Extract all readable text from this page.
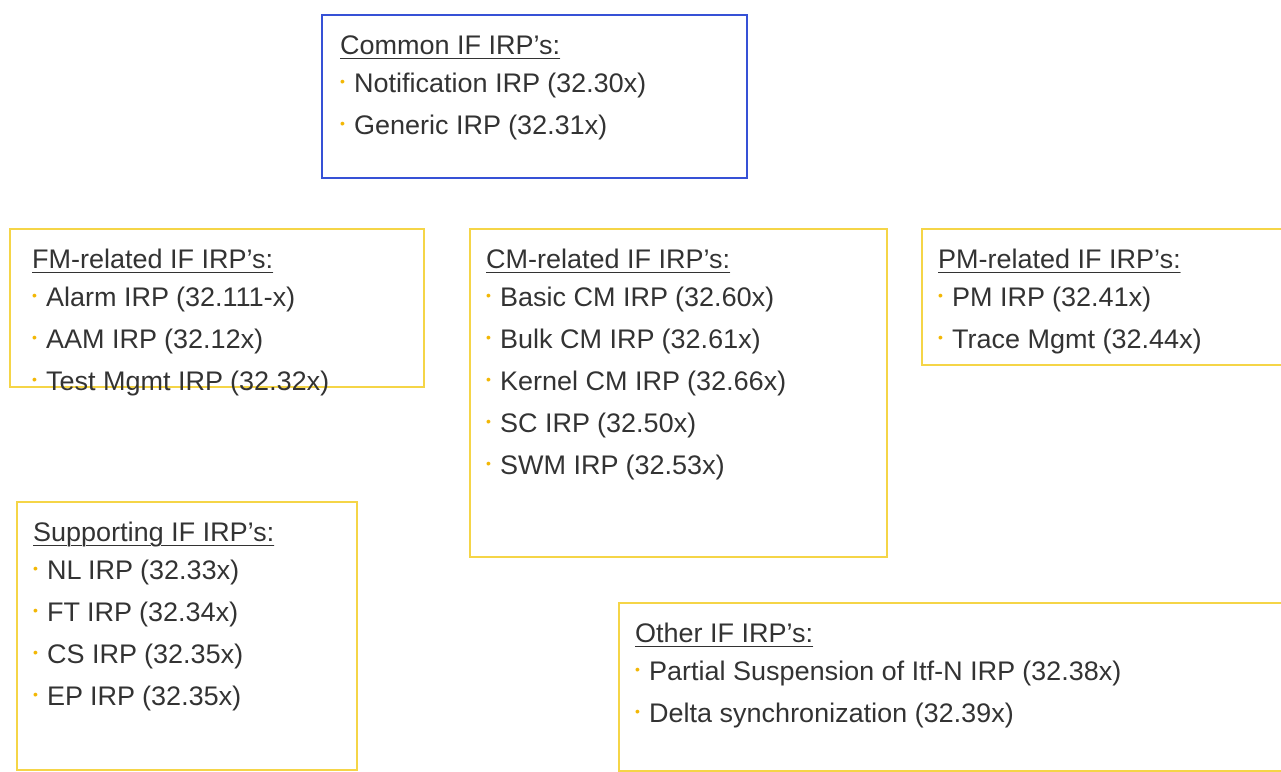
Common IF IRP’s:
• Notification IRP (32.30x)
• Generic IRP (32.31x)
FM-related IF IRP’s:
• Alarm IRP (32.111-x)
• AAM IRP (32.12x)
• Test Mgmt IRP (32.32x)
CM-related IF IRP’s:
• Basic CM IRP (32.60x)
• Bulk CM IRP (32.61x)
• Kernel CM IRP (32.66x)
• SC IRP (32.50x)
• SWM IRP (32.53x)
PM-related IF IRP’s:
• PM IRP (32.41x)
• Trace Mgmt (32.44x)
Supporting IF IRP’s:
• NL IRP (32.33x)
• FT IRP (32.34x)
• CS IRP (32.35x)
• EP IRP (32.35x)
Other IF IRP’s:
• Partial Suspension of Itf-N IRP (32.38x)
• Delta synchronization (32.39x)
